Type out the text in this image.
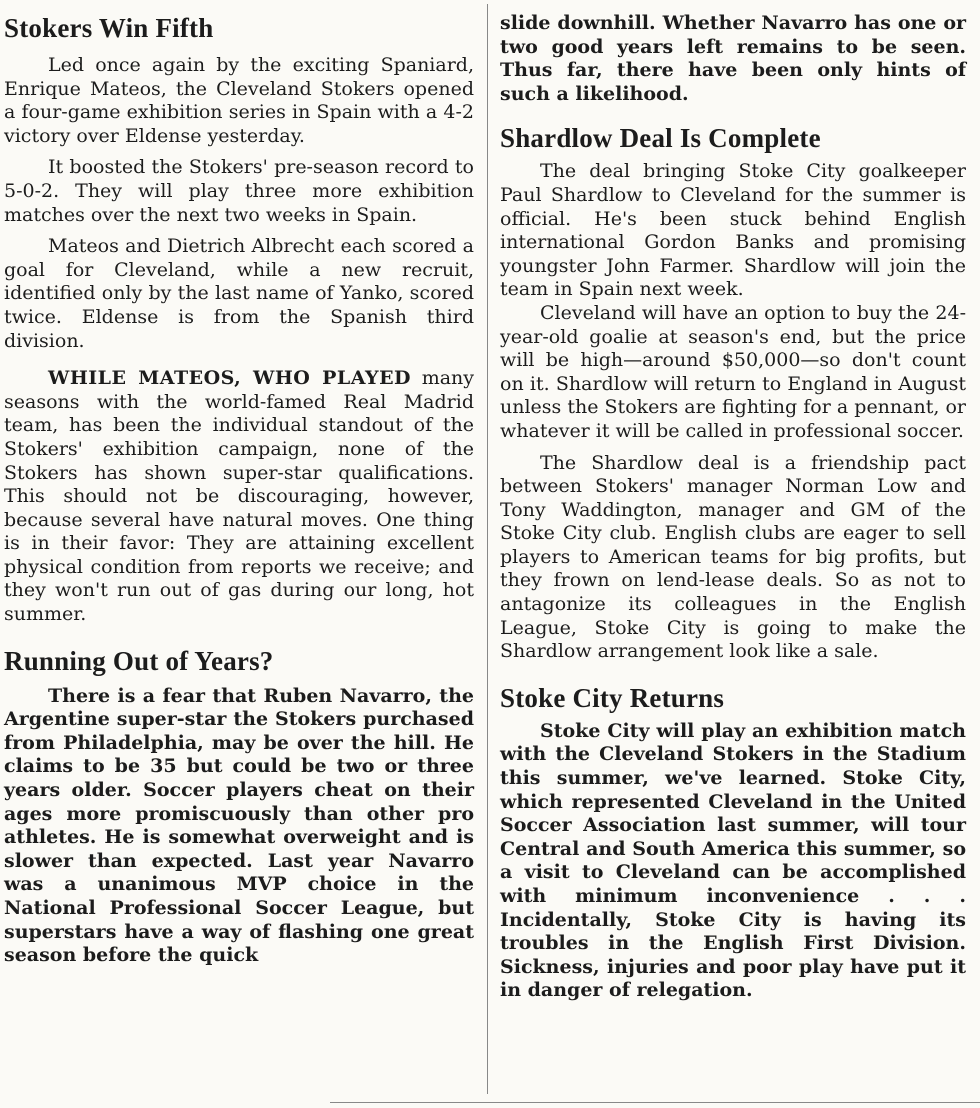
Stokers Win Fifth

Led once again by the exciting Spaniard, Enrique Mateos, the Cleveland Stokers opened a four-game exhibition series in Spain with a 4-2 victory over Eldense yesterday.

It boosted the Stokers' pre-season record to 5-0-2. They will play three more exhibition matches over the next two weeks in Spain.

Mateos and Dietrich Albrecht each scored a goal for Cleveland, while a new recruit, identified only by the last name of Yanko, scored twice. Eldense is from the Spanish third division.

WHILE MATEOS, WHO PLAYED many seasons with the world-famed Real Madrid team, has been the individual standout of the Stokers' exhibition campaign, none of the Stokers has shown super-star qualifications. This should not be discouraging, however, because several have natural moves. One thing is in their favor: They are attaining excellent physical condition from reports we receive; and they won't run out of gas during our long, hot summer.

Running Out of Years?

There is a fear that Ruben Navarro, the Argentine super-star the Stokers purchased from Philadelphia, may be over the hill. He claims to be 35 but could be two or three years older. Soccer players cheat on their ages more promiscuously than other pro athletes. He is somewhat overweight and is slower than expected. Last year Navarro was a unanimous MVP choice in the National Professional Soccer League, but superstars have a way of flashing one great season before the quick

slide downhill. Whether Navarro has one or two good years left remains to be seen. Thus far, there have been only hints of such a likelihood.

Shardlow Deal Is Complete

The deal bringing Stoke City goalkeeper Paul Shardlow to Cleveland for the summer is official. He's been stuck behind English international Gordon Banks and promising youngster John Farmer. Shardlow will join the team in Spain next week.

Cleveland will have an option to buy the 24-year-old goalie at season's end, but the price will be high—around $50,000—so don't count on it. Shardlow will return to England in August unless the Stokers are fighting for a pennant, or whatever it will be called in professional soccer.

The Shardlow deal is a friendship pact between Stokers' manager Norman Low and Tony Waddington, manager and GM of the Stoke City club. English clubs are eager to sell players to American teams for big profits, but they frown on lend-lease deals. So as not to antagonize its colleagues in the English League, Stoke City is going to make the Shardlow arrangement look like a sale.

Stoke City Returns

Stoke City will play an exhibition match with the Cleveland Stokers in the Stadium this summer, we've learned. Stoke City, which represented Cleveland in the United Soccer Association last summer, will tour Central and South America this summer, so a visit to Cleveland can be accomplished with minimum inconvenience . . . Incidentally, Stoke City is having its troubles in the English First Division. Sickness, injuries and poor play have put it in danger of relegation.
